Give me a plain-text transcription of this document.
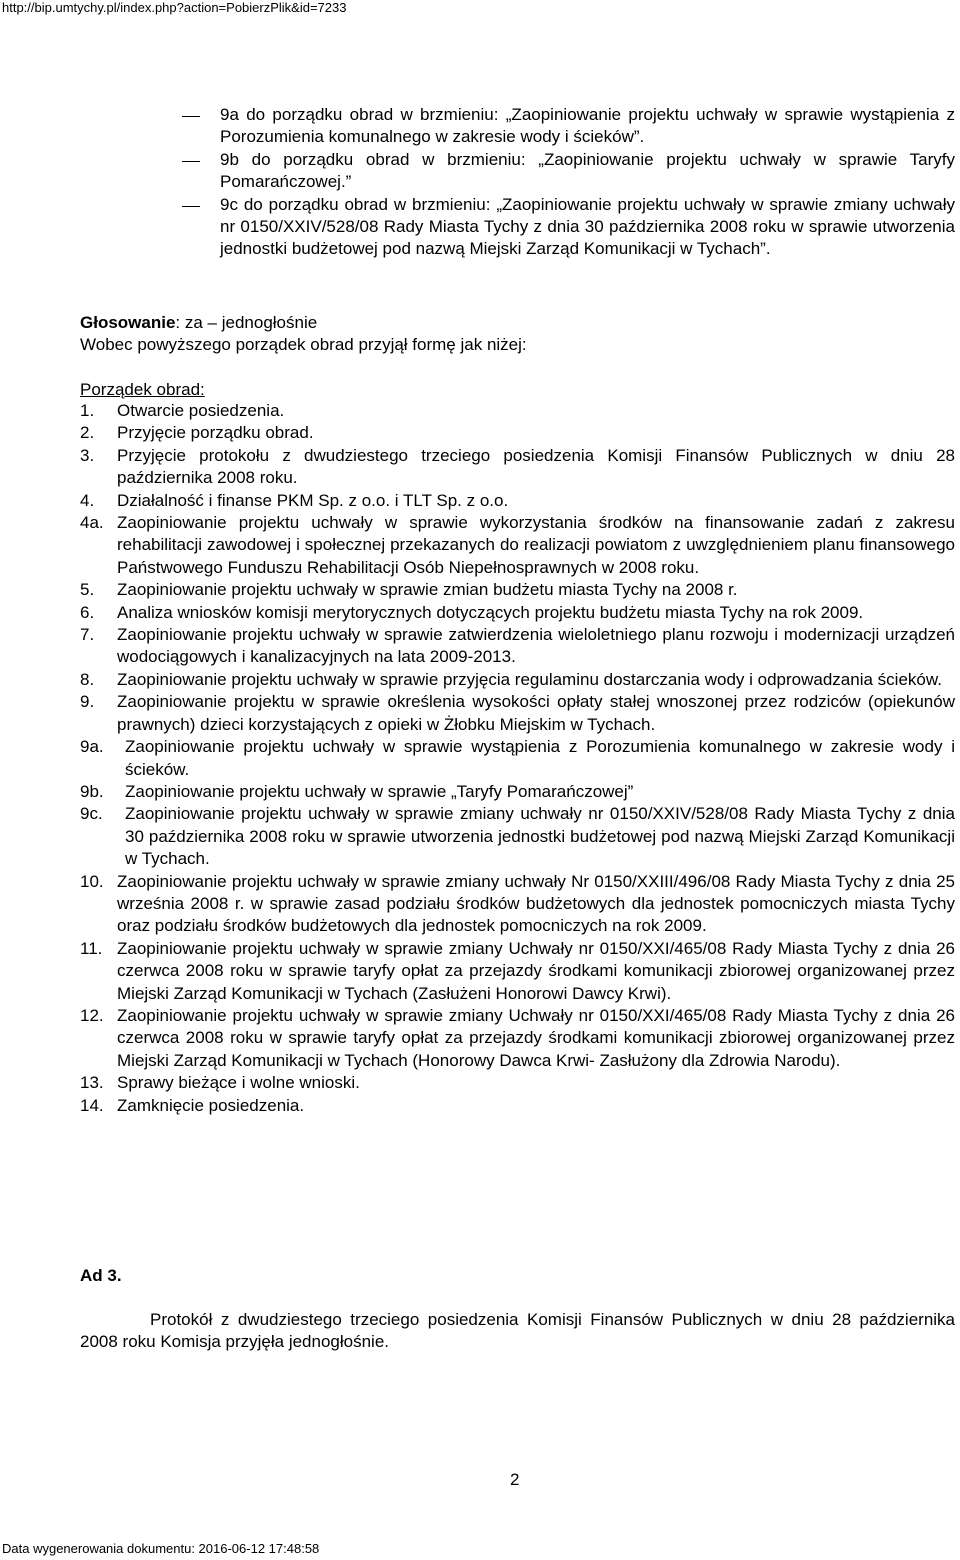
http://bip.umtychy.pl/index.php?action=PobierzPlik&id=7233
9a do porządku obrad w brzmieniu: „Zaopiniowanie projektu uchwały w sprawie wystąpienia z Porozumienia komunalnego w zakresie wody i ścieków”.
9b do porządku obrad w brzmieniu: „Zaopiniowanie projektu uchwały w sprawie Taryfy Pomarańczowej.”
9c do porządku obrad w brzmieniu: „Zaopiniowanie projektu uchwały w sprawie zmiany uchwały nr 0150/XXIV/528/08 Rady Miasta Tychy z dnia 30 października 2008 roku w sprawie utworzenia jednostki budżetowej pod nazwą Miejski Zarząd Komunikacji w Tychach”.
Głosowanie: za – jednogłośnie
Wobec powyższego porządek obrad przyjął formę jak niżej:
Porządek obrad:
1. Otwarcie posiedzenia.
2. Przyjęcie porządku obrad.
3. Przyjęcie protokołu z dwudziestego trzeciego posiedzenia Komisji Finansów Publicznych w dniu 28 października 2008 roku.
4. Działalność i finanse PKM Sp. z o.o. i TLT Sp. z o.o.
4a. Zaopiniowanie projektu uchwały w sprawie wykorzystania środków na finansowanie zadań z zakresu rehabilitacji zawodowej i społecznej przekazanych do realizacji powiatom z uwzględnieniem planu finansowego Państwowego Funduszu Rehabilitacji Osób Niepełnosprawnych w 2008 roku.
5. Zaopiniowanie projektu uchwały w sprawie zmian budżetu miasta Tychy na 2008 r.
6. Analiza wniosków komisji merytorycznych dotyczących projektu budżetu miasta Tychy na rok 2009.
7. Zaopiniowanie projektu uchwały w sprawie zatwierdzenia wieloletniego planu rozwoju i modernizacji urządzeń wodociągowych i kanalizacyjnych na lata 2009-2013.
8. Zaopiniowanie projektu uchwały w sprawie przyjęcia regulaminu dostarczania wody i odprowadzania ścieków.
9. Zaopiniowanie projektu w sprawie określenia wysokości opłaty stałej wnoszonej przez rodziców (opiekunów prawnych) dzieci korzystających z opieki w Żłobku Miejskim w Tychach.
9a. Zaopiniowanie projektu uchwały w sprawie wystąpienia z Porozumienia komunalnego w zakresie wody i ścieków.
9b. Zaopiniowanie projektu uchwały w sprawie „Taryfy Pomarańczowej”
9c. Zaopiniowanie projektu uchwały w sprawie zmiany uchwały nr 0150/XXIV/528/08 Rady Miasta Tychy z dnia 30 października 2008 roku w sprawie utworzenia jednostki budżetowej pod nazwą Miejski Zarząd Komunikacji w Tychach.
10. Zaopiniowanie projektu uchwały w sprawie zmiany uchwały Nr 0150/XXIII/496/08 Rady Miasta Tychy z dnia 25 września 2008 r. w sprawie zasad podziału środków budżetowych dla jednostek pomocniczych miasta Tychy oraz podziału środków budżetowych dla jednostek pomocniczych na rok 2009.
11. Zaopiniowanie projektu uchwały w sprawie zmiany Uchwały nr 0150/XXI/465/08 Rady Miasta Tychy z dnia 26 czerwca 2008 roku w sprawie taryfy opłat za przejazdy środkami komunikacji zbiorowej organizowanej przez Miejski Zarząd Komunikacji w Tychach (Zasłużeni Honorowi Dawcy Krwi).
12. Zaopiniowanie projektu uchwały w sprawie zmiany Uchwały nr 0150/XXI/465/08 Rady Miasta Tychy z dnia 26 czerwca 2008 roku w sprawie taryfy opłat za przejazdy środkami komunikacji zbiorowej organizowanej przez Miejski Zarząd Komunikacji w Tychach (Honorowy Dawca Krwi- Zasłużony dla Zdrowia Narodu).
13. Sprawy bieżące i wolne wnioski.
14. Zamknięcie posiedzenia.
Ad 3.
Protokół z dwudziestego trzeciego posiedzenia Komisji Finansów Publicznych w dniu 28 października 2008 roku Komisja przyjęła jednogłośnie.
2
Data wygenerowania dokumentu: 2016-06-12 17:48:58
